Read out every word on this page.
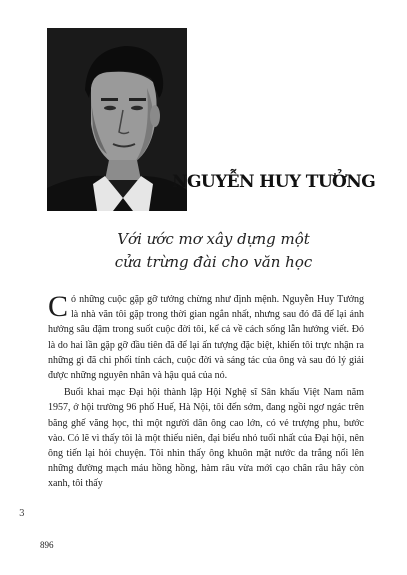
NGUYỄN HUY TƯỞNG
Với ước mơ xây dựng một
cửa trừng đài cho văn học

Có những cuộc gặp gỡ tưởng chừng như định mệnh. Nguyễn Huy Tưởng là nhà văn tôi gặp trong thời gian ngắn nhất, nhưng sau đó đã để lại ảnh hưởng sâu đậm trong suốt cuộc đời tôi, kể cả về cách sống lẫn hướng viết. Đó là do hai lần gặp gỡ đầu tiên đã để lại ấn tượng đặc biệt, khiến tôi trực nhận ra những gì đã chi phối tính cách, cuộc đời và sáng tác của ông và sau đó lý giải được những nguyên nhân và hậu quả của nó.

Buổi khai mạc Đại hội thành lập Hội Nghệ sĩ Sân khấu Việt Nam năm 1957, ở hội trường 96 phố Huế, Hà Nội, tôi đến sớm, đang ngồi ngơ ngác trên băng ghế văng học, thì một người dân ông cao lớn, có vẻ trượng phu, bước vào. Có lẽ vì thấy tôi là một thiếu niên, đại biểu nhỏ tuổi nhất của Đại hội, nên ông tiến lại hỏi chuyện. Tôi nhìn thấy ông khuôn mặt nước da trắng nổi lên những đường mạch máu hồng hồng, hàm râu vừa mới cạo chân râu hây còn xanh, tôi thấy

3
896
